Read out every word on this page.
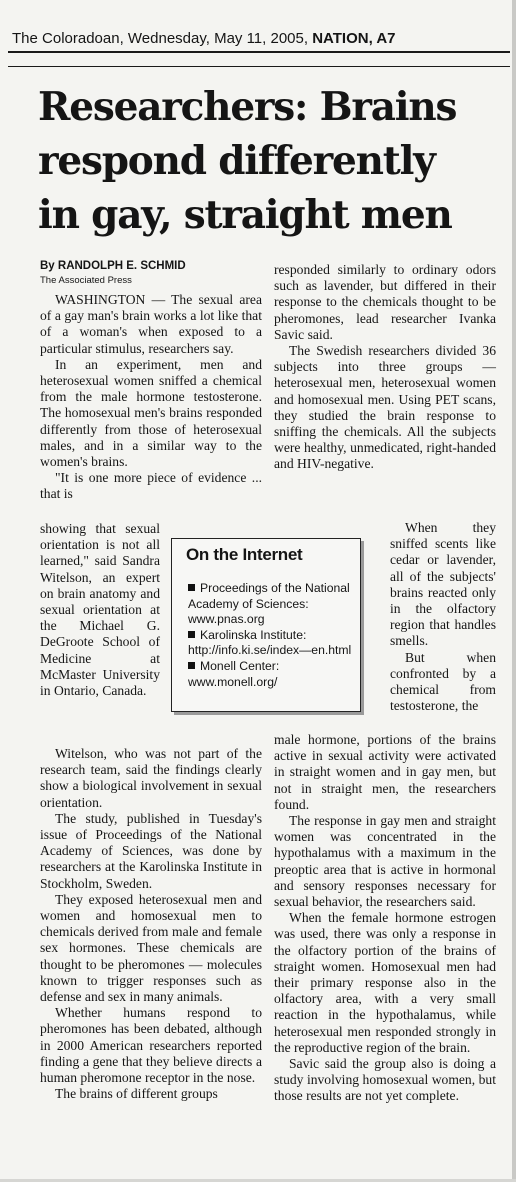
The Coloradoan, Wednesday, May 11, 2005, NATION, A7
Researchers: Brains
respond differently
in gay, straight men
By RANDOLPH E. SCHMID
The Associated Press

WASHINGTON — The sexual area of a gay man's brain works a lot like that of a woman's when exposed to a particular stimulus, researchers say.

In an experiment, men and heterosexual women sniffed a chemical from the male hormone testosterone. The homosexual men's brains responded differently from those of heterosexual males, and in a similar way to the women's brains.

"It is one more piece of evidence ... that is

showing that sexual orientation is not all learned," said Sandra Witelson, an expert on brain anatomy and sexual orientation at the Michael G. DeGroote School of Medicine at McMaster University in Ontario, Canada.

Witelson, who was not part of the research team, said the findings clearly show a biological involvement in sexual orientation.

The study, published in Tuesday's issue of Proceedings of the National Academy of Sciences, was done by researchers at the Karolinska Institute in Stockholm, Sweden.

They exposed heterosexual men and women and homosexual men to chemicals derived from male and female sex hormones. These chemicals are thought to be pheromones — molecules known to trigger responses such as defense and sex in many animals.

Whether humans respond to pheromones has been debated, although in 2000 American researchers reported finding a gene that they believe directs a human pheromone receptor in the nose.

The brains of different groups

responded similarly to ordinary odors such as lavender, but differed in their response to the chemicals thought to be pheromones, lead researcher Ivanka Savic said.

The Swedish researchers divided 36 subjects into three groups — heterosexual men, heterosexual women and homosexual men. Using PET scans, they studied the brain response to sniffing the chemicals. All the subjects were healthy, unmedicated, right-handed and HIV-negative.

When they sniffed scents like cedar or lavender, all of the subjects' brains reacted only in the olfactory region that handles smells.

But when confronted by a chemical from testosterone, the

male hormone, portions of the brains active in sexual activity were activated in straight women and in gay men, but not in straight men, the researchers found.

The response in gay men and straight women was concentrated in the hypothalamus with a maximum in the preoptic area that is active in hormonal and sensory responses necessary for sexual behavior, the researchers said.

When the female hormone estrogen was used, there was only a response in the olfactory portion of the brains of straight women. Homosexual men had their primary response also in the olfactory area, with a very small reaction in the hypothalamus, while heterosexual men responded strongly in the reproductive region of the brain.

Savic said the group also is doing a study involving homosexual women, but those results are not yet complete.

On the Internet
Proceedings of the National Academy of Sciences: www.pnas.org
Karolinska Institute: http://info.ki.se/index—en.html
Monell Center: www.monell.org/
